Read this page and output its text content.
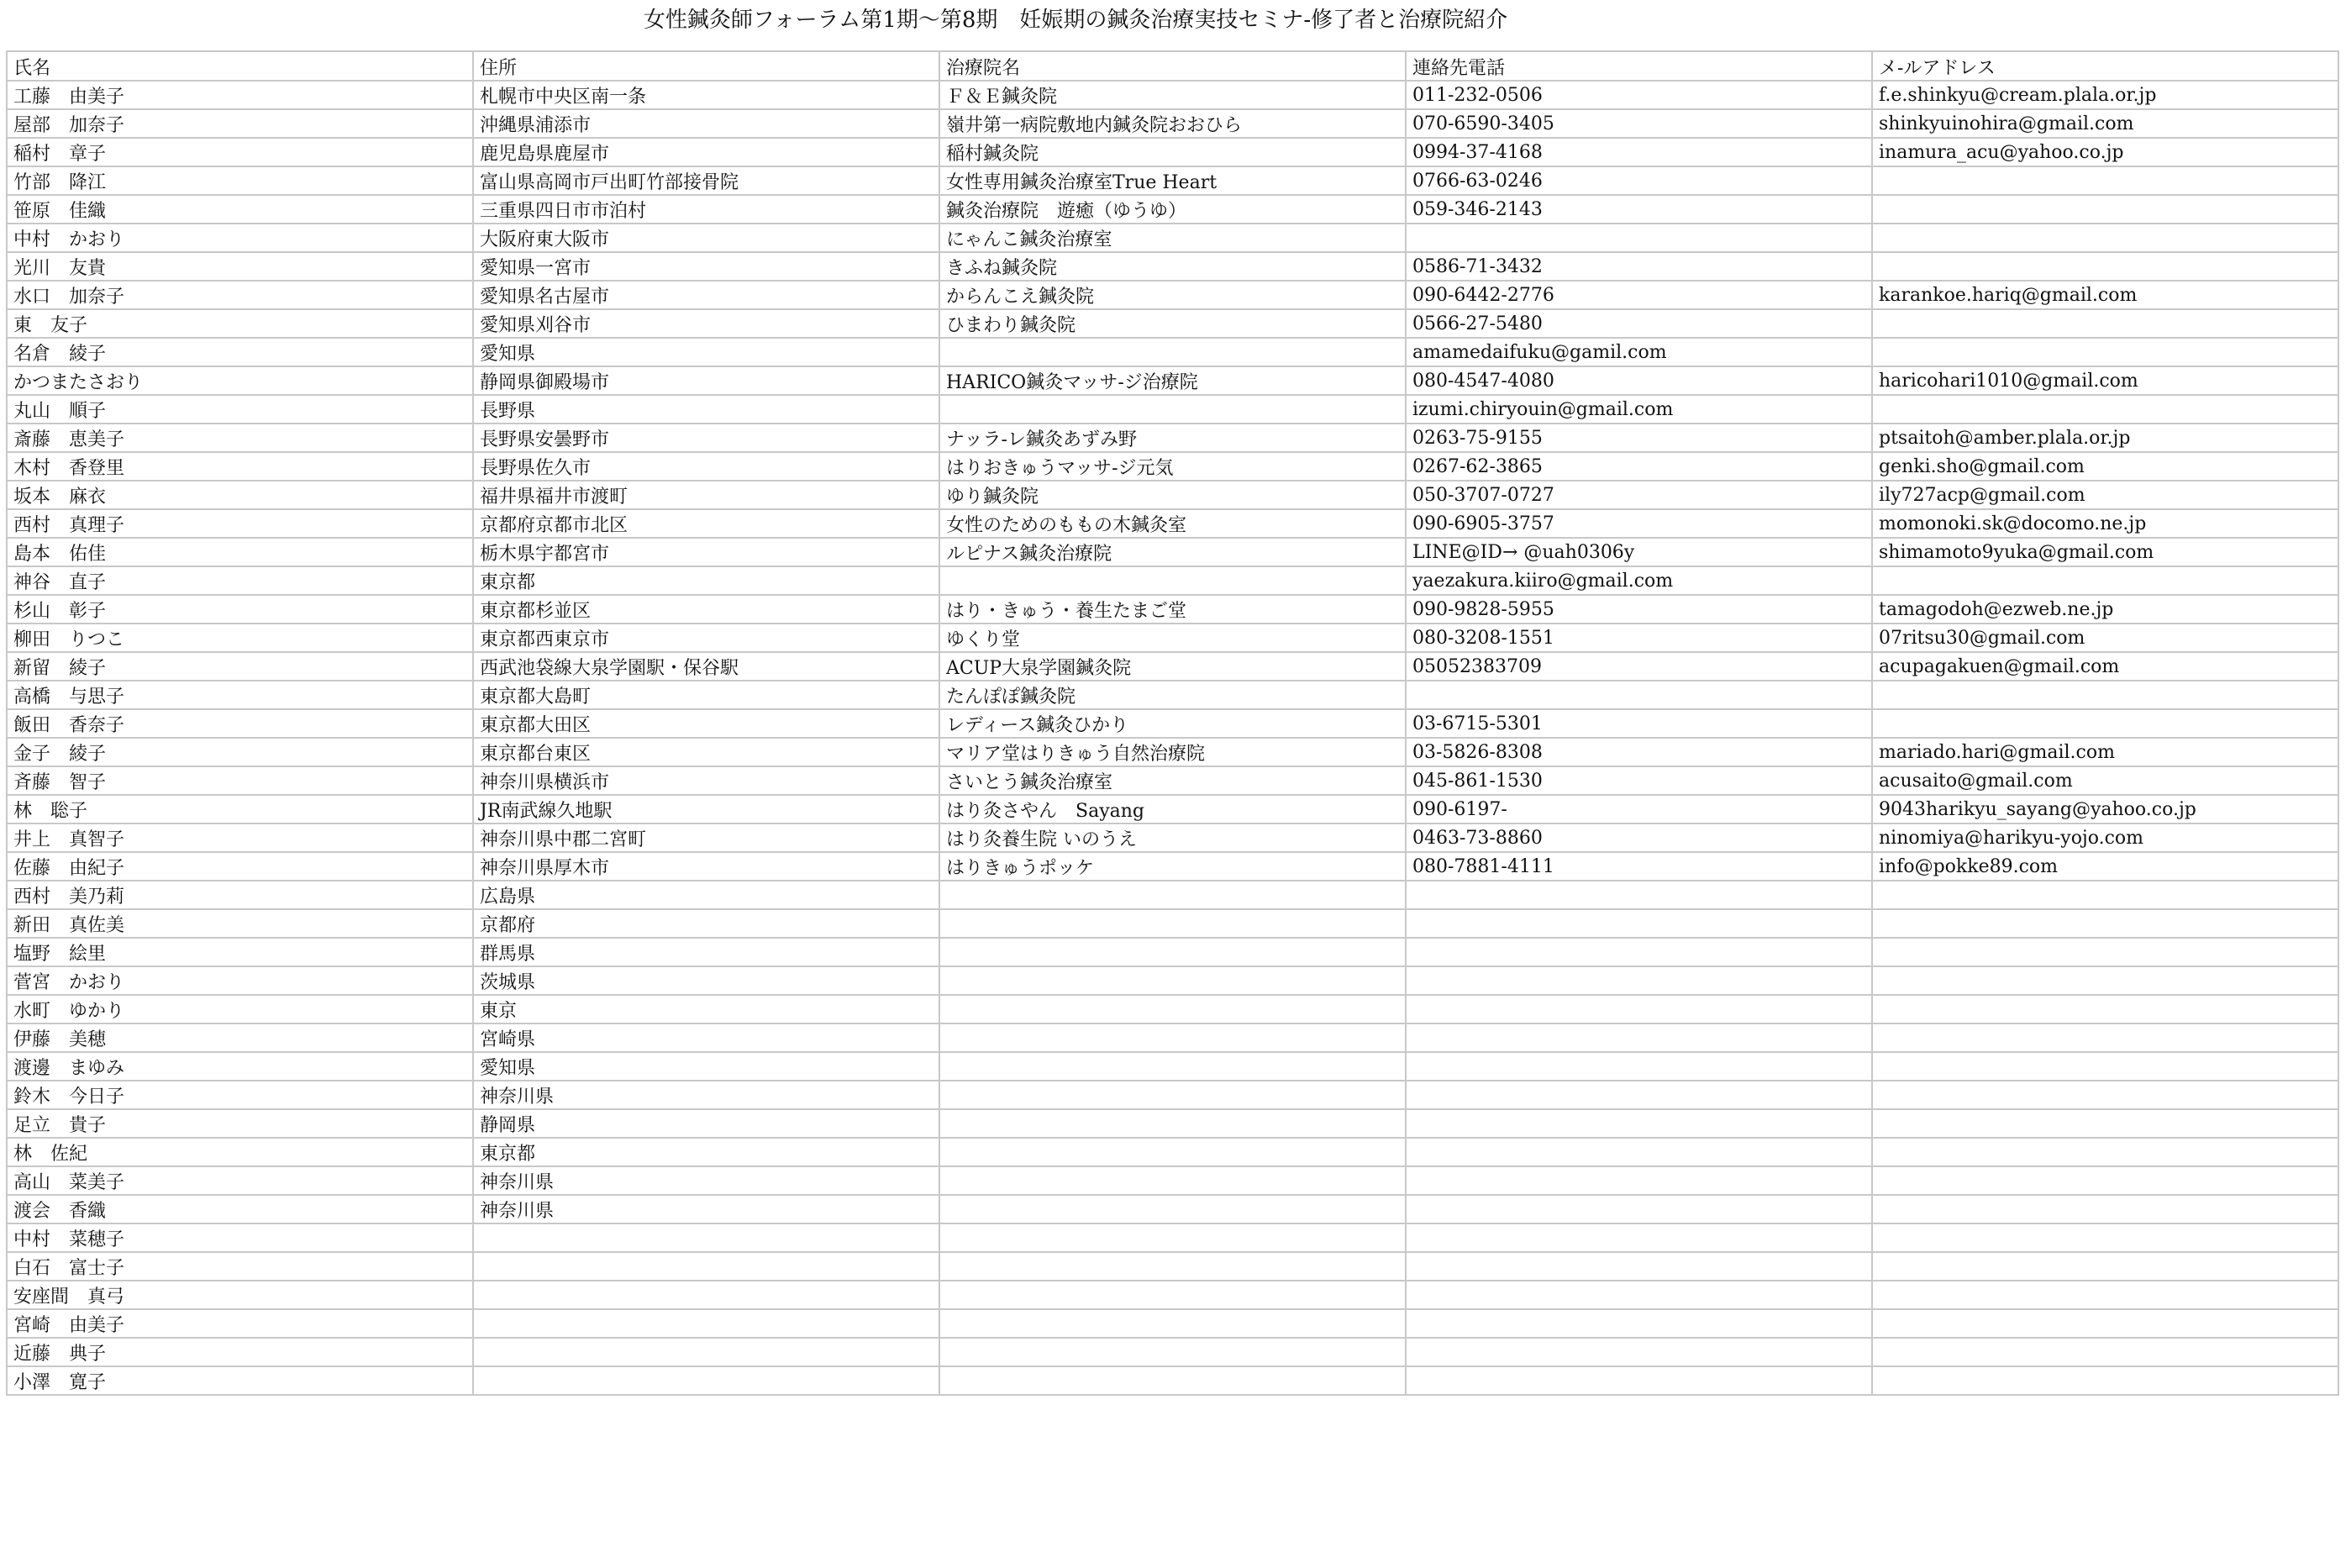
女性鍼灸師フォーラム第1期〜第8期　妊娠期の鍼灸治療実技セミナ-修了者と治療院紹介
氏名	住所	治療院名	連絡先電話	メ-ルアドレス
工藤　由美子	札幌市中央区南一条	Ｆ＆Ｅ鍼灸院	011-232-0506	f.e.shinkyu@cream.plala.or.jp
屋部　加奈子	沖縄県浦添市	嶺井第一病院敷地内鍼灸院おおひら	070-6590-3405	shinkyuinohira@gmail.com
稲村　章子	鹿児島県鹿屋市	稲村鍼灸院	0994-37-4168	inamura_acu@yahoo.co.jp
竹部　降江	富山県高岡市戸出町竹部接骨院	女性専用鍼灸治療室True Heart	0766-63-0246	
笹原　佳織	三重県四日市市泊村	鍼灸治療院　遊癒（ゆうゆ）	059-346-2143	
中村　かおり	大阪府東大阪市	にゃんこ鍼灸治療室		
光川　友貴	愛知県一宮市	きふね鍼灸院	0586-71-3432	
水口　加奈子	愛知県名古屋市	からんこえ鍼灸院	090-6442-2776	karankoe.hariq@gmail.com
東　友子	愛知県刈谷市	ひまわり鍼灸院	0566-27-5480	
名倉　綾子	愛知県		amamedaifuku@gamil.com	
かつまたさおり	静岡県御殿場市	HARICO鍼灸マッサ-ジ治療院	080-4547-4080	haricohari1010@gmail.com
丸山　順子	長野県		izumi.chiryouin@gmail.com	
斎藤　恵美子	長野県安曇野市	ナッラ-レ鍼灸あずみ野	0263-75-9155	ptsaitoh@amber.plala.or.jp
木村　香登里	長野県佐久市	はりおきゅうマッサ-ジ元気	0267-62-3865	genki.sho@gmail.com
坂本　麻衣	福井県福井市渡町	ゆり鍼灸院	050-3707-0727	ily727acp@gmail.com
西村　真理子	京都府京都市北区	女性のためのももの木鍼灸室	090-6905-3757	momonoki.sk@docomo.ne.jp
島本　佑佳	栃木県宇都宮市	ルピナス鍼灸治療院	LINE@ID→ @uah0306y	shimamoto9yuka@gmail.com
神谷　直子	東京都		yaezakura.kiiro@gmail.com	
杉山　彰子	東京都杉並区	はり・きゅう・養生たまご堂	090-9828-5955	tamagodoh@ezweb.ne.jp
柳田　りつこ	東京都西東京市	ゆくり堂	080-3208-1551	07ritsu30@gmail.com
新留　綾子	西武池袋線大泉学園駅・保谷駅	ACUP大泉学園鍼灸院	05052383709	acupagakuen@gmail.com
高橋　与思子	東京都大島町	たんぽぽ鍼灸院		
飯田　香奈子	東京都大田区	レディース鍼灸ひかり	03-6715-5301	
金子　綾子	東京都台東区	マリア堂はりきゅう自然治療院	03-5826-8308	mariado.hari@gmail.com
斉藤　智子	神奈川県横浜市	さいとう鍼灸治療室	045-861-1530	acusaito@gmail.com
林　聡子	JR南武線久地駅	はり灸さやん　Sayang	090-6197-	9043harikyu_sayang@yahoo.co.jp
井上　真智子	神奈川県中郡二宮町	はり灸養生院 いのうえ	0463-73-8860	ninomiya@harikyu-yojo.com
佐藤　由紀子	神奈川県厚木市	はりきゅうポッケ	080-7881-4111	info@pokke89.com
西村　美乃莉	広島県			
新田　真佐美	京都府			
塩野　絵里	群馬県			
菅宮　かおり	茨城県			
水町　ゆかり	東京			
伊藤　美穂	宮崎県			
渡邊　まゆみ	愛知県			
鈴木　今日子	神奈川県			
足立　貴子	静岡県			
林　佐紀	東京都			
高山　菜美子	神奈川県			
渡会　香織	神奈川県			
中村　菜穂子				
白石　富士子				
安座間　真弓				
宮崎　由美子				
近藤　典子				
小澤　寛子				
